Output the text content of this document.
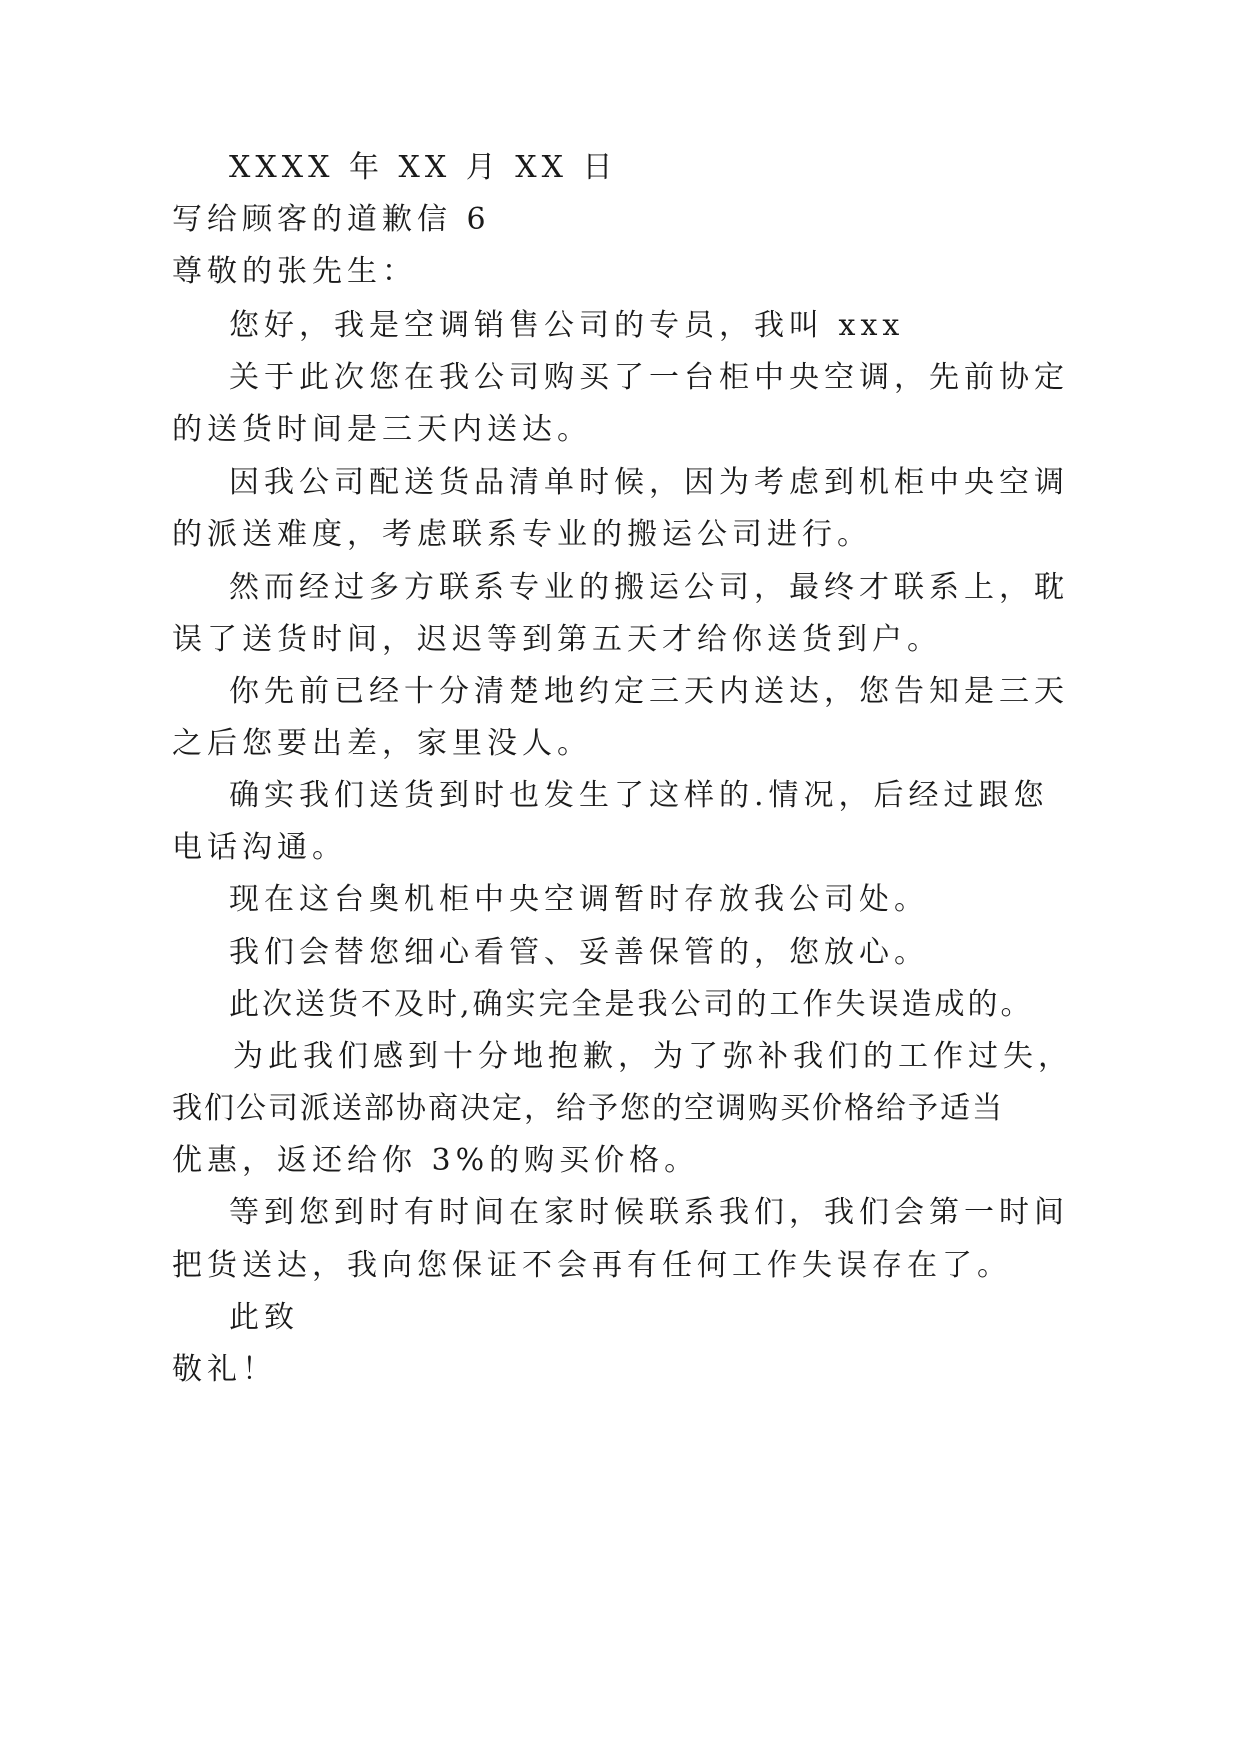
XXXX 年 XX 月 XX 日
写给顾客的道歉信 6
尊敬的张先生：
您好，我是空调销售公司的专员，我叫 xxx
关于此次您在我公司购买了一台柜中央空调，先前协定
的送货时间是三天内送达。
因我公司配送货品清单时候，因为考虑到机柜中央空调
的派送难度，考虑联系专业的搬运公司进行。
然而经过多方联系专业的搬运公司，最终才联系上，耽
误了送货时间，迟迟等到第五天才给你送货到户。
你先前已经十分清楚地约定三天内送达，您告知是三天
之后您要出差，家里没人。
确实我们送货到时也发生了这样的.情况，后经过跟您
电话沟通。
现在这台奥机柜中央空调暂时存放我公司处。
我们会替您细心看管、妥善保管的，您放心。
此次送货不及时,确实完全是我公司的工作失误造成的。
为此我们感到十分地抱歉，为了弥补我们的工作过失，
我们公司派送部协商决定，给予您的空调购买价格给予适当
优惠，返还给你 3%的购买价格。
等到您到时有时间在家时候联系我们，我们会第一时间
把货送达，我向您保证不会再有任何工作失误存在了。
此致
敬礼！
